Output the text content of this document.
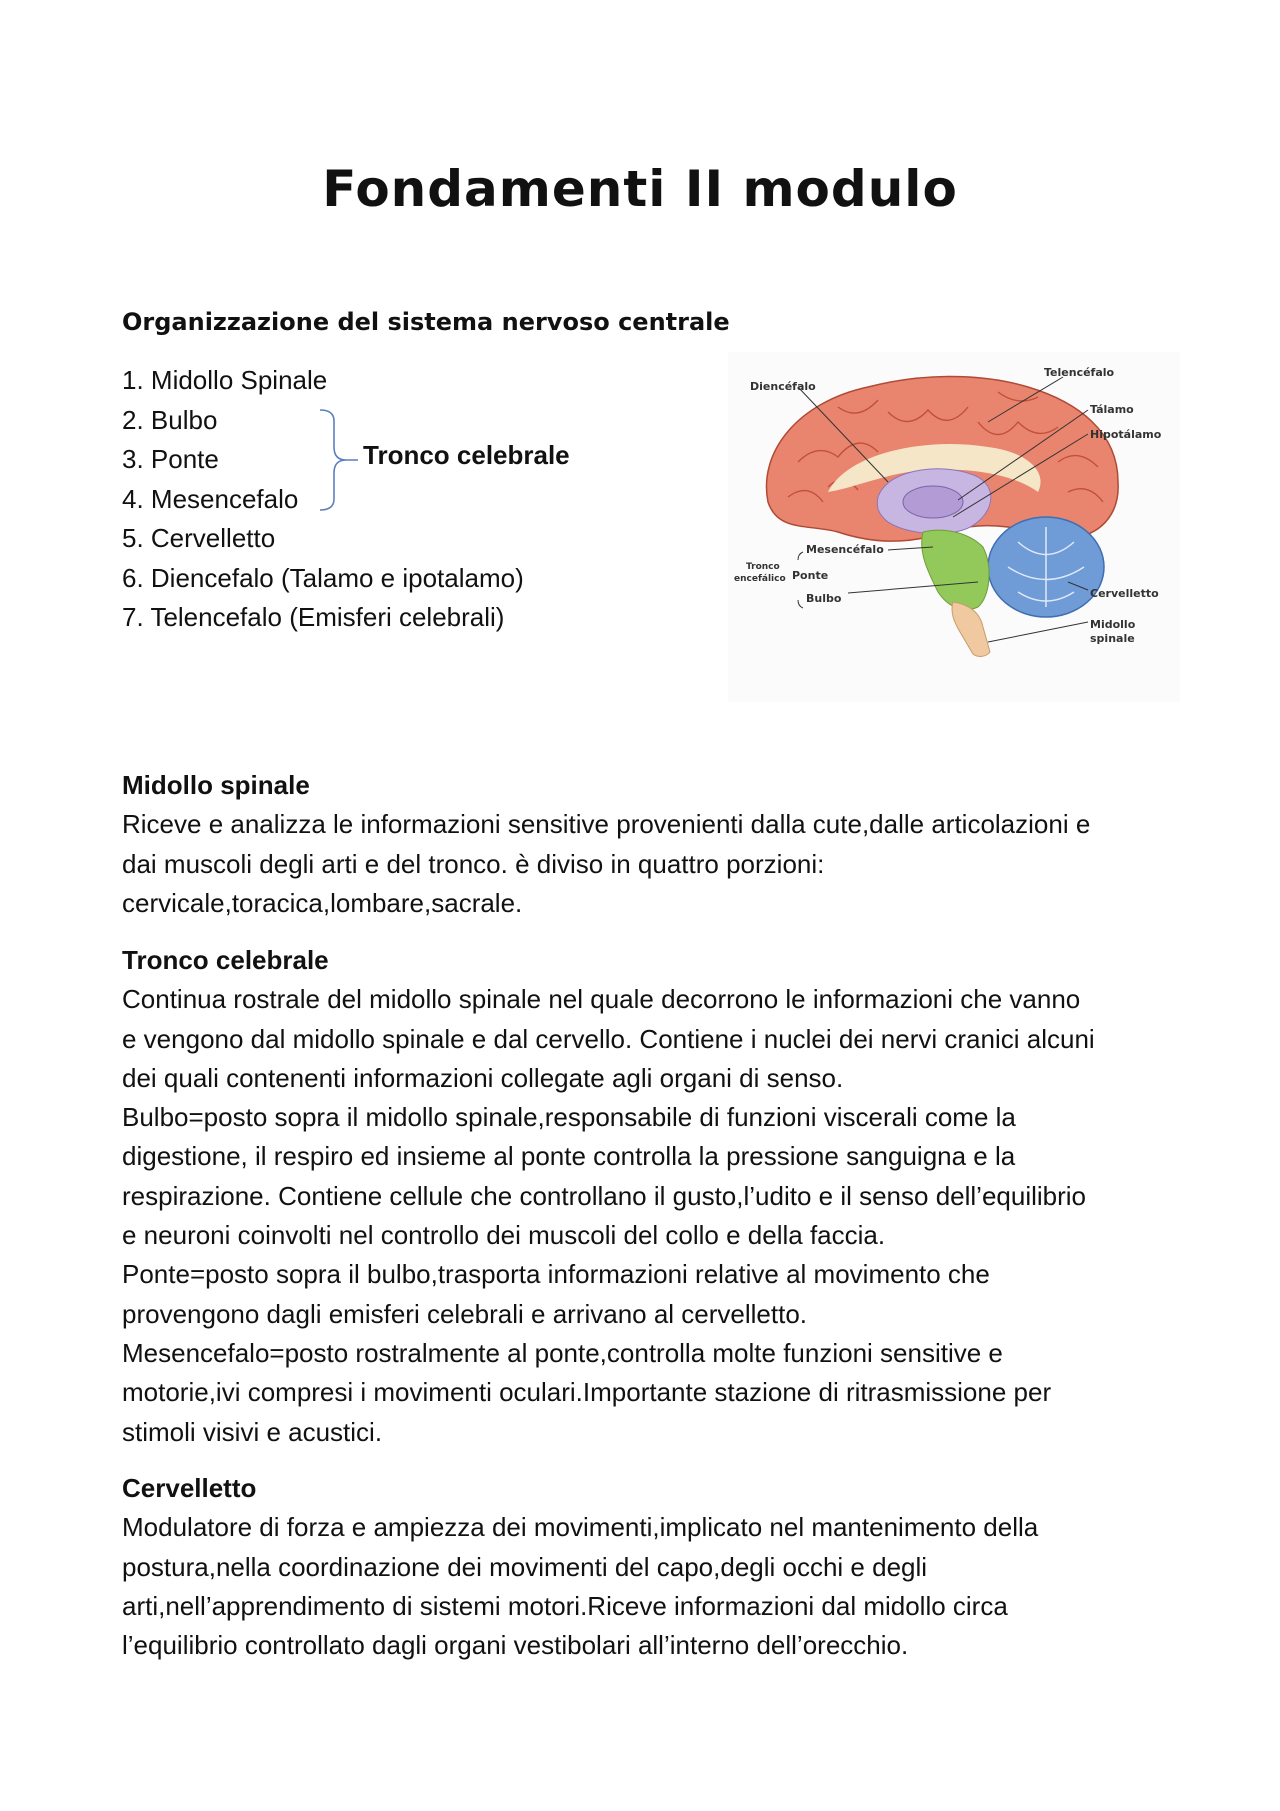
Fondamenti II modulo
Organizzazione del sistema nervoso centrale
1. Midollo Spinale
2. Bulbo
3. Ponte
4. Mesencefalo
5. Cervelletto
6. Diencefalo (Talamo e ipotalamo)
7. Telencefalo (Emisferi celebrali)
Tronco celebrale
Diencéfalo
Telencéfalo
Tálamo
Hipotálamo
Mesencéfalo
Tronco
encefálico Ponte
Bulbo	Cervelletto
Midollo
spinale
Midollo spinale

Riceve e analizza le informazioni sensitive provenienti dalla cute,dalle articolazioni e

dai muscoli degli arti e del tronco. è diviso in quattro porzioni:

cervicale,toracica,lombare,sacrale.

Tronco celebrale

Continua rostrale del midollo spinale nel quale decorrono le informazioni che vanno

e vengono dal midollo spinale e dal cervello. Contiene i nuclei dei nervi cranici alcuni

dei quali contenenti informazioni collegate agli organi di senso.

Bulbo=posto sopra il midollo spinale,responsabile di funzioni viscerali come la

digestione, il respiro ed insieme al ponte controlla la pressione sanguigna e la

respirazione. Contiene cellule che controllano il gusto,l’udito e il senso dell’equilibrio

e neuroni coinvolti nel controllo dei muscoli del collo e della faccia.

Ponte=posto sopra il bulbo,trasporta informazioni relative al movimento che

provengono dagli emisferi celebrali e arrivano al cervelletto.

Mesencefalo=posto rostralmente al ponte,controlla molte funzioni sensitive e

motorie,ivi compresi i movimenti oculari.Importante stazione di ritrasmissione per

stimoli visivi e acustici.

Cervelletto

Modulatore di forza e ampiezza dei movimenti,implicato nel mantenimento della

postura,nella coordinazione dei movimenti del capo,degli occhi e degli

arti,nell’apprendimento di sistemi motori.Riceve informazioni dal midollo circa

l’equilibrio controllato dagli organi vestibolari all’interno dell’orecchio.
